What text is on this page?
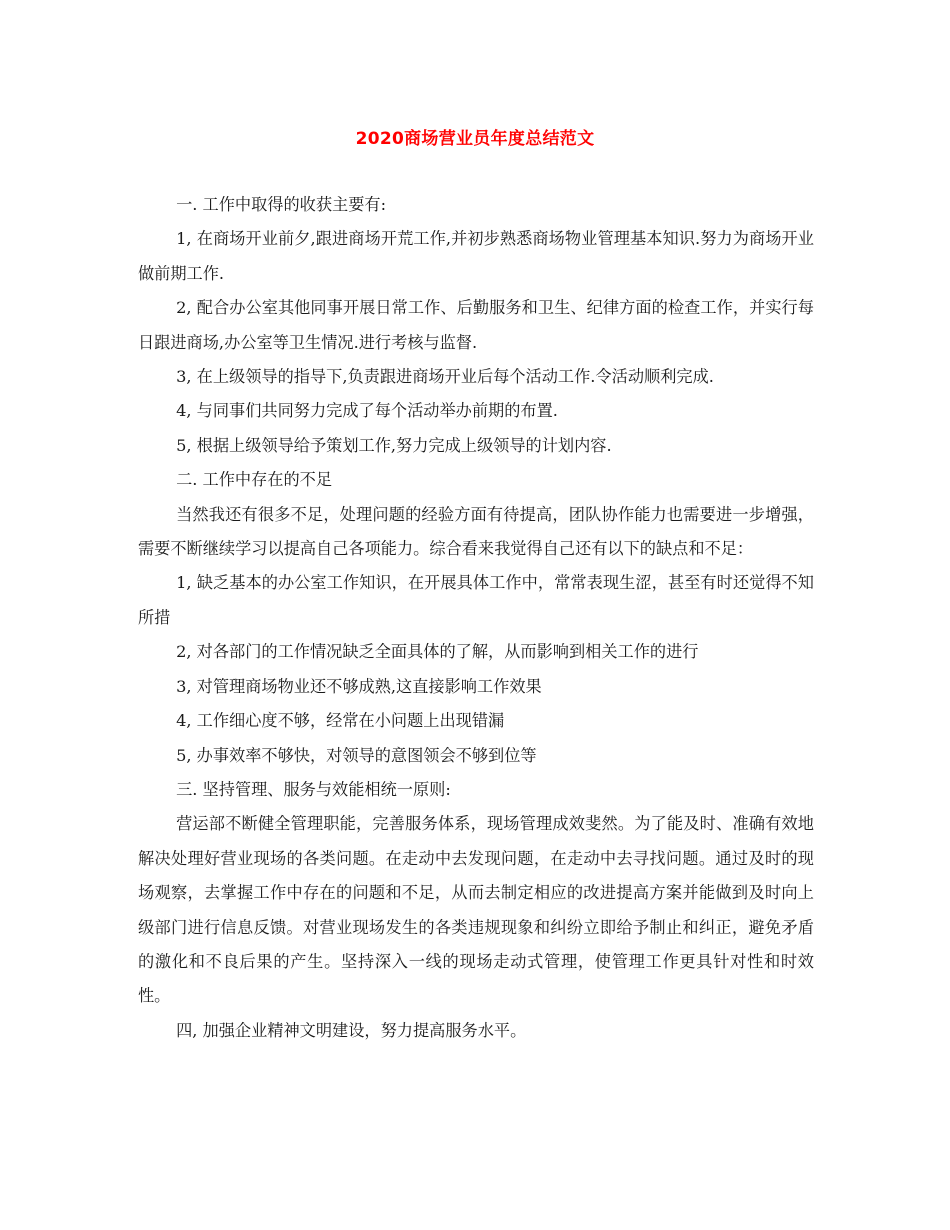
2020商场营业员年度总结范文

一. 工作中取得的收获主要有:

1, 在商场开业前夕,跟进商场开荒工作,并初步熟悉商场物业管理基本知识.努力为商场开业做前期工作.

2, 配合办公室其他同事开展日常工作、后勤服务和卫生、纪律方面的检查工作，并实行每日跟进商场,办公室等卫生情况.进行考核与监督.

3, 在上级领导的指导下,负责跟进商场开业后每个活动工作.令活动顺利完成.

4, 与同事们共同努力完成了每个活动举办前期的布置.

5, 根据上级领导给予策划工作,努力完成上级领导的计划内容.

二. 工作中存在的不足

当然我还有很多不足，处理问题的经验方面有待提高，团队协作能力也需要进一步增强，需要不断继续学习以提高自己各项能力。综合看来我觉得自己还有以下的缺点和不足：

1, 缺乏基本的办公室工作知识，在开展具体工作中，常常表现生涩，甚至有时还觉得不知所措

2, 对各部门的工作情况缺乏全面具体的了解，从而影响到相关工作的进行

3, 对管理商场物业还不够成熟,这直接影响工作效果

4, 工作细心度不够，经常在小问题上出现错漏

5, 办事效率不够快，对领导的意图领会不够到位等

三. 坚持管理、服务与效能相统一原则:

营运部不断健全管理职能，完善服务体系，现场管理成效斐然。为了能及时、准确有效地解决处理好营业现场的各类问题。在走动中去发现问题，在走动中去寻找问题。通过及时的现场观察，去掌握工作中存在的问题和不足，从而去制定相应的改进提高方案并能做到及时向上级部门进行信息反馈。对营业现场发生的各类违规现象和纠纷立即给予制止和纠正，避免矛盾的激化和不良后果的产生。坚持深入一线的现场走动式管理，使管理工作更具针对性和时效性。

四, 加强企业精神文明建设，努力提高服务水平。
